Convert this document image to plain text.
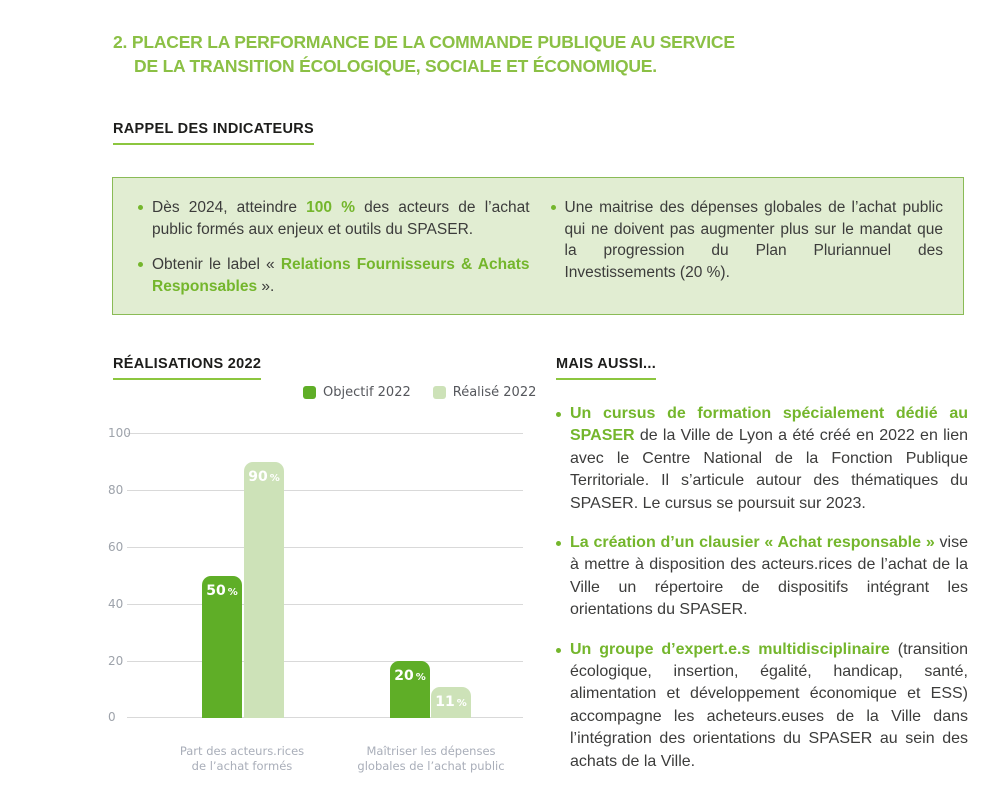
2. PLACER LA PERFORMANCE DE LA COMMANDE PUBLIQUE AU SERVICE
DE LA TRANSITION ÉCOLOGIQUE, SOCIALE ET ÉCONOMIQUE.
RAPPEL DES INDICATEURS
Dès 2024, atteindre 100 % des acteurs de l’achat public formés aux enjeux et outils du SPASER.
Obtenir le label « Relations Fournisseurs & Achats Responsables ».
Une maitrise des dépenses globales de l’achat public qui ne doivent pas augmenter plus sur le mandat que la progression du Plan Pluriannuel des Investissements (20 %).
RÉALISATIONS 2022
Objectif 2022	Réalisé 2022
100
80
60
40
20
0
50 %
90 %
20 %
11 %
Part des acteurs.rices
de l’achat formés
Maîtriser les dépenses
globales de l’achat public
MAIS AUSSI...
Un cursus de formation spécialement dédié au SPASER de la Ville de Lyon a été créé en 2022 en lien avec le Centre National de la Fonction Publique Territoriale. Il s’articule autour des thématiques du SPASER. Le cursus se poursuit sur 2023.
La création d’un clausier « Achat responsable » vise à mettre à disposition des acteurs.rices de l’achat de la Ville un répertoire de dispositifs intégrant les orientations du SPASER.
Un groupe d’expert.e.s multidisciplinaire (transition écologique, insertion, égalité, handicap, santé, alimentation et développement économique et ESS) accompagne les acheteurs.euses de la Ville dans l’intégration des orientations du SPASER au sein des achats de la Ville.
